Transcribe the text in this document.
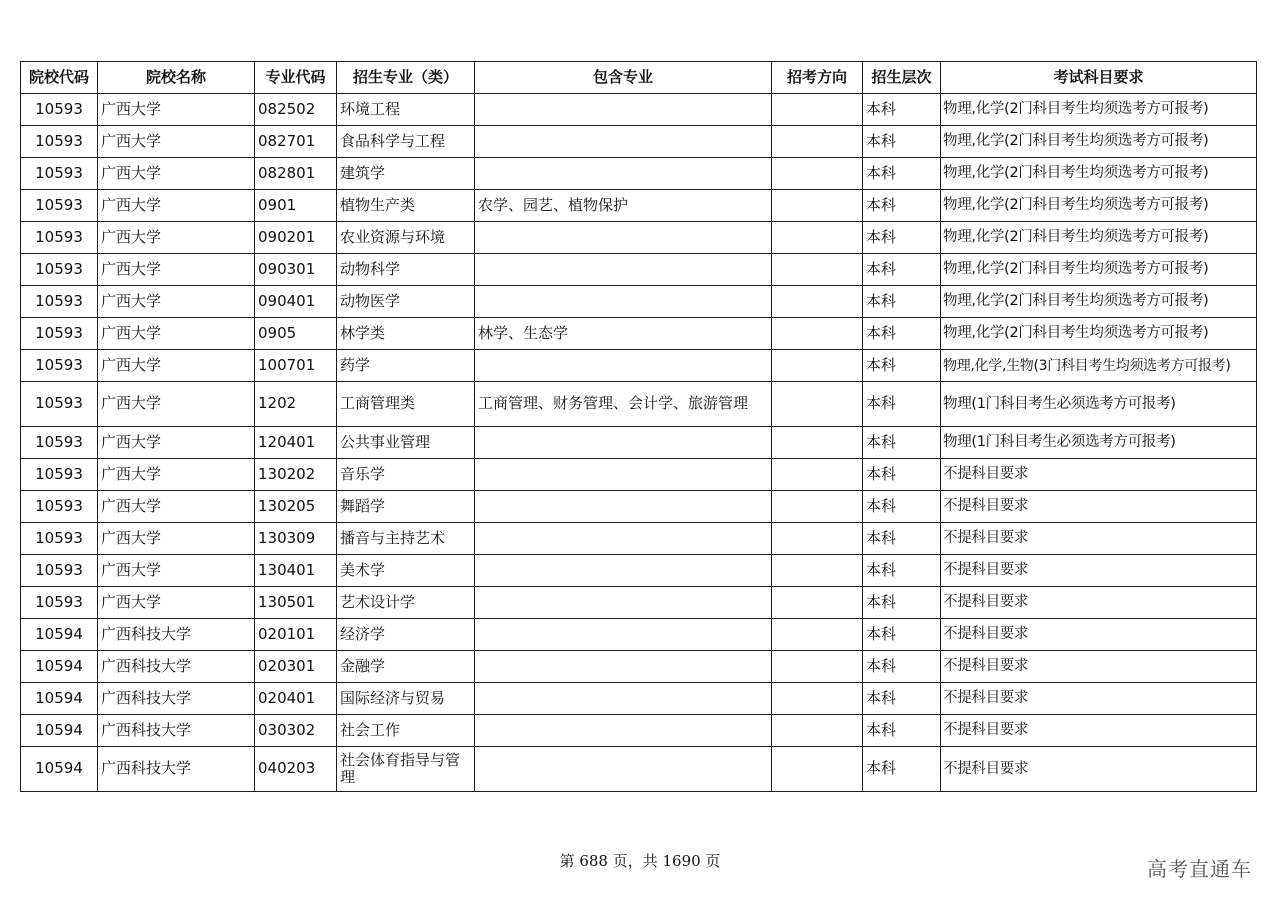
院校代码	院校名称	专业代码	招生专业（类）	包含专业	招考方向	招生层次	考试科目要求
10593	广西大学	082502	环境工程			本科	物理,化学(2门科目考生均须选考方可报考)
10593	广西大学	082701	食品科学与工程			本科	物理,化学(2门科目考生均须选考方可报考)
10593	广西大学	082801	建筑学			本科	物理,化学(2门科目考生均须选考方可报考)
10593	广西大学	0901	植物生产类	农学、园艺、植物保护		本科	物理,化学(2门科目考生均须选考方可报考)
10593	广西大学	090201	农业资源与环境			本科	物理,化学(2门科目考生均须选考方可报考)
10593	广西大学	090301	动物科学			本科	物理,化学(2门科目考生均须选考方可报考)
10593	广西大学	090401	动物医学			本科	物理,化学(2门科目考生均须选考方可报考)
10593	广西大学	0905	林学类	林学、生态学		本科	物理,化学(2门科目考生均须选考方可报考)
10593	广西大学	100701	药学			本科	物理,化学,生物(3门科目考生均须选考方可报考)
10593	广西大学	1202	工商管理类	工商管理、财务管理、会计学、旅游管理		本科	物理(1门科目考生必须选考方可报考)
10593	广西大学	120401	公共事业管理			本科	物理(1门科目考生必须选考方可报考)
10593	广西大学	130202	音乐学			本科	不提科目要求
10593	广西大学	130205	舞蹈学			本科	不提科目要求
10593	广西大学	130309	播音与主持艺术			本科	不提科目要求
10593	广西大学	130401	美术学			本科	不提科目要求
10593	广西大学	130501	艺术设计学			本科	不提科目要求
10594	广西科技大学	020101	经济学			本科	不提科目要求
10594	广西科技大学	020301	金融学			本科	不提科目要求
10594	广西科技大学	020401	国际经济与贸易			本科	不提科目要求
10594	广西科技大学	030302	社会工作			本科	不提科目要求
10594	广西科技大学	040203	社会体育指导与管理			本科	不提科目要求
第 688 页，共 1690 页	高考直通车
